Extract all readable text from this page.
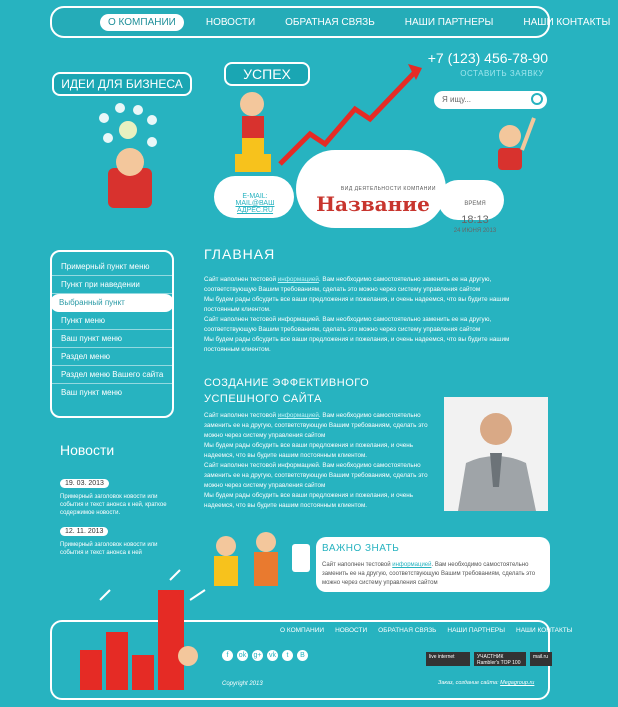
О КОМПАНИИ	НОВОСТИ	ОБРАТНАЯ СВЯЗЬ	НАШИ ПАРТНЕРЫ	НАШИ КОНТАКТЫ
ИДЕИ ДЛЯ БИЗНЕСА
УСПЕХ
+7 (123) 456-78-90
ОСТАВИТЬ ЗАЯВКУ
Я ищу...
E-MAIL:
MAIL@ВАШ АДРЕС.RU
ВИД ДЕЯТЕЛЬНОСТИ КОМПАНИИ
Название	ВРЕМЯ 18:13
24 ИЮНЯ 2013
Примерный пункт меню
Пункт при наведении
Выбранный пункт
Пункт меню
Ваш пункт меню
Раздел меню
Раздел меню Вашего сайта
Ваш пункт меню
Новости
19. 03. 2013
Примерный заголовок новости или события и текст анонса к ней, краткое содержимое новости.
12. 11. 2013
Примерный заголовок новости или события и текст анонса к ней
ГЛАВНАЯ
Сайт наполнен тестовой информацией. Вам необходимо самостоятельно заменить ее на другую, соответствующую Вашим требованиям, сделать это можно через систему управления сайтом
Мы будем рады обсудить все ваши предложения и пожелания, и очень надеемся, что вы будите нашим постоянным клиентом.
Сайт наполнен тестовой информацией. Вам необходимо самостоятельно заменить ее на другую, соответствующую Вашим требованиям, сделать это можно через систему управления сайтом
Мы будем рады обсудить все ваши предложения и пожелания, и очень надеемся, что вы будите нашим постоянным клиентом.
СОЗДАНИЕ ЭФФЕКТИВНОГО
УСПЕШНОГО САЙТА
Сайт наполнен тестовой информацией. Вам необходимо самостоятельно заменить ее на другую, соответствующую Вашим требованиям, сделать это можно через систему управления сайтом
Мы будем рады обсудить все ваши предложения и пожелания, и очень надеемся, что вы будите нашим постоянным клиентом.
Сайт наполнен тестовой информацией. Вам необходимо самостоятельно заменить ее на другую, соответствующую Вашим требованиям, сделать это можно через систему управления сайтом
Мы будем рады обсудить все ваши предложения и пожелания, и очень надеемся, что вы будите нашим постоянным клиентом.
ВАЖНО ЗНАТЬ
Сайт наполнен тестовой информацией. Вам необходимо самостоятельно заменить ее на другую, соответствующую Вашим требованиям, сделать это можно через систему управления сайтом
О КОМПАНИИ НОВОСТИ ОБРАТНАЯ СВЯЗЬ НАШИ ПАРТНЕРЫ НАШИ КОНТАКТЫ
f	ok g+ vk	t	B
Copyright 2013
live internet	УЧАСТНИК Rambler's TOP 100
mail.ru
Заказ, создание сайта: Megagroup.ru
